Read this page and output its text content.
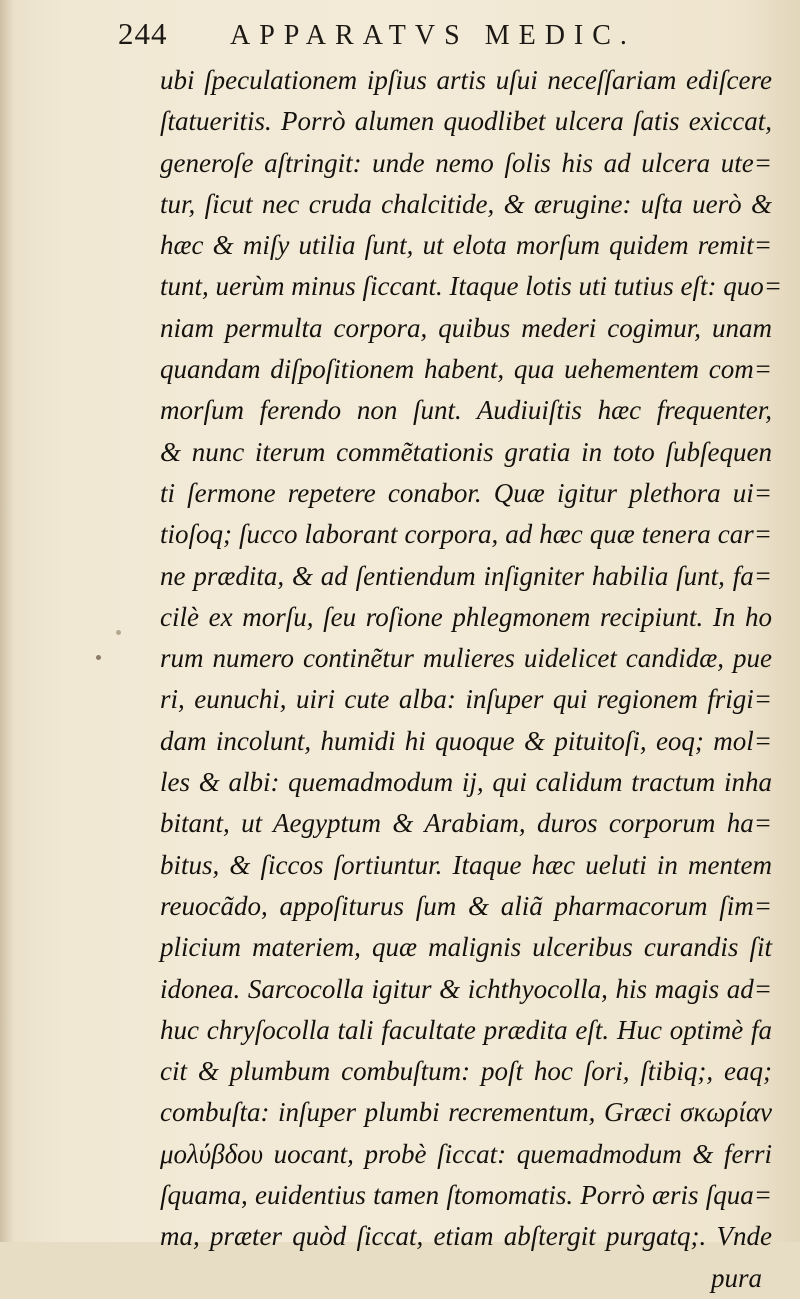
244 APPARATVS MEDIC.
ubi ſpeculationem ipſius artis uſui neceſſariam ediſcere
ſtatueritis. Porrò alumen quodlibet ulcera ſatis exiccat,
generoſe aſtringit: unde nemo ſolis his ad ulcera ute=
tur, ſicut nec cruda chalcitide, & ærugine: uſta uerò &
hæc & miſy utilia ſunt, ut elota morſum quidem remit=
tunt, uerùm minus ſiccant. Itaque lotis uti tutius eſt: quo=
niam permulta corpora, quibus mederi cogimur, unam
quandam diſpoſitionem habent, qua uehementem com=
morſum ferendo non ſunt. Audiuiſtis hæc frequenter,
& nunc iterum commẽtationis gratia in toto ſubſequen
ti ſermone repetere conabor. Quæ igitur plethora ui=
tioſoq; ſucco laborant corpora, ad hæc quæ tenera car=
ne prædita, & ad ſentiendum inſigniter habilia ſunt, fa=
cilè ex morſu, ſeu roſione phlegmonem recipiunt. In ho
rum numero continẽtur mulieres uidelicet candidæ, pue
ri, eunuchi, uiri cute alba: inſuper qui regionem frigi=
dam incolunt, humidi hi quoque & pituitoſi, eoq; mol=
les & albi: quemadmodum ij, qui calidum tractum inha
bitant, ut Aegyptum & Arabiam, duros corporum ha=
bitus, & ſiccos ſortiuntur. Itaque hæc ueluti in mentem
reuocãdo, appoſiturus ſum & aliã pharmacorum ſim=
plicium materiem, quæ malignis ulceribus curandis ſit
idonea. Sarcocolla igitur & ichthyocolla, his magis ad=
huc chryſocolla tali facultate prædita eſt. Huc optimè fa
cit & plumbum combuſtum: poſt hoc ſori, ſtibiq;, eaq;
combuſta: inſuper plumbi recrementum, Græci σκωρίαν
μολύβδου uocant, probè ſiccat: quemadmodum & ferri
ſquama, euidentius tamen ſtomomatis. Porrò æris ſqua=
ma, præter quòd ſiccat, etiam abſtergit purgatq;. Vnde
pura
